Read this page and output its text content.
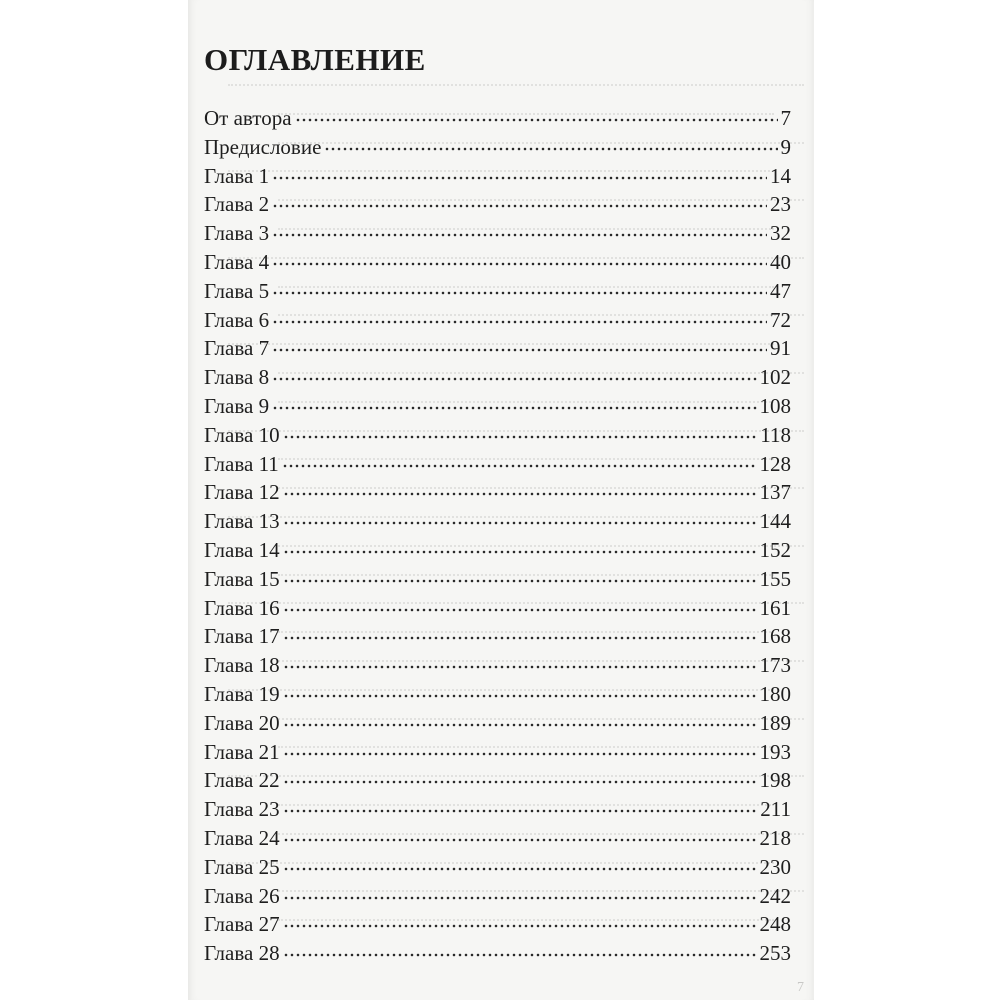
ОГЛАВЛЕНИЕ
От автора	7
Предисловие	9
Глава 1	14
Глава 2	23
Глава 3	32
Глава 4	40
Глава 5	47
Глава 6	72
Глава 7	91
Глава 8	102
Глава 9	108
Глава 10	118
Глава 11	128
Глава 12	137
Глава 13	144
Глава 14	152
Глава 15	155
Глава 16	161
Глава 17	168
Глава 18	173
Глава 19	180
Глава 20	189
Глава 21	193
Глава 22	198
Глава 23	211
Глава 24	218
Глава 25	230
Глава 26	242
Глава 27	248
Глава 28	253
7
